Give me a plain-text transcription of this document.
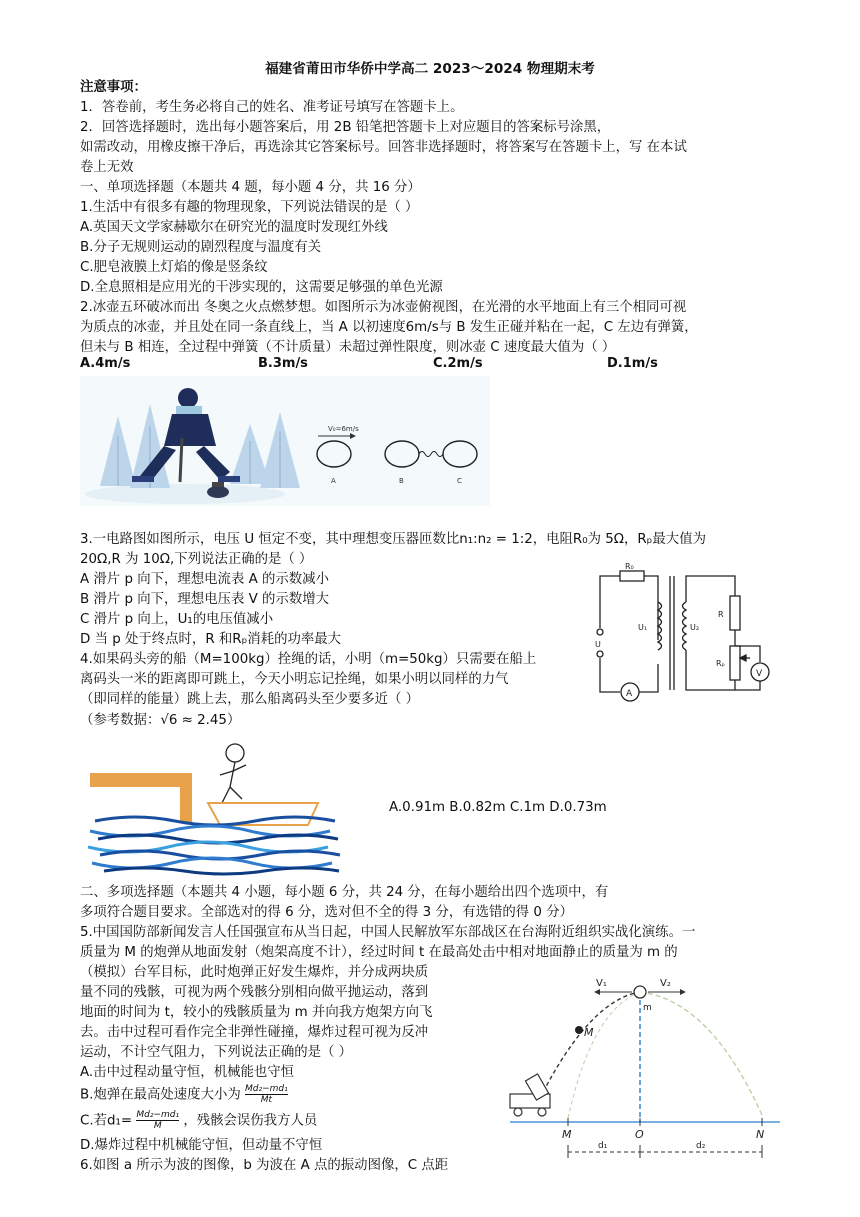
福建省莆田市华侨中学高二 2023～2024 物理期末考
注意事项：
1．答卷前，考生务必将自己的姓名、准考证号填写在答题卡上。
2．回答选择题时，选出每小题答案后，用 2B 铅笔把答题卡上对应题目的答案标号涂黑，
如需改动，用橡皮擦干净后，再选涂其它答案标号。回答非选择题时，将答案写在答题卡上，写 在本试
卷上无效
一、单项选择题（本题共 4 题，每小题 4 分，共 16 分）
1.生活中有很多有趣的物理现象，下列说法错误的是（ ）
A.英国天文学家赫歇尔在研究光的温度时发现红外线
B.分子无规则运动的剧烈程度与温度有关
C.肥皂液膜上灯焰的像是竖条纹
D.全息照相是应用光的干涉实现的，这需要足够强的单色光源
2.冰壶五环破冰而出 冬奥之火点燃梦想。如图所示为冰壶俯视图，在光滑的水平地面上有三个相同可视
为质点的冰壶，并且处在同一条直线上，当 A 以初速度6m/s与 B 发生正碰并粘在一起，C 左边有弹簧，
但未与 B 相连，全过程中弹簧（不计质量）未超过弹性限度，则冰壶 C 速度最大值为（ ）
A.4m/s	B.3m/s	C.2m/s	D.1m/s
V₀=6m/s
A	B	C
3.一电路图如图所示，电压 U 恒定不变，其中理想变压器匝数比n₁:n₂ = 1:2，电阻R₀为 5Ω，Rₚ最大值为
20Ω,R 为 10Ω,下列说法正确的是（ ）
A 滑片 p 向下，理想电流表 A 的示数减小
B 滑片 p 向下，理想电压表 V 的示数增大
C 滑片 p 向上，U₁的电压值减小
D 当 p 处于终点时，R 和Rₚ消耗的功率最大
R₀
U
U₁	U₂
R
Rₚ
V
A
4.如果码头旁的船（M=100kg）拴绳的话，小明（m=50kg）只需要在船上
离码头一米的距离即可跳上，今天小明忘记拴绳，如果小明以同样的力气
（即同样的能量）跳上去，那么船离码头至少要多近（ ）
（参考数据：√6 ≈ 2.45）
A.0.91m B.0.82m C.1m D.0.73m
二、多项选择题（本题共 4 小题，每小题 6 分，共 24 分，在每小题给出四个选项中，有
多项符合题目要求。全部选对的得 6 分，选对但不全的得 3 分，有选错的得 0 分）
5.中国国防部新闻发言人任国强宣布从当日起，中国人民解放军东部战区在台海附近组织实战化演练。一
质量为 M 的炮弹从地面发射（炮架高度不计），经过时间 t 在最高处击中相对地面静止的质量为 m 的
（模拟）台军目标，此时炮弹正好发生爆炸，并分成两块质
量不同的残骸，可视为两个残骸分别相向做平抛运动，落到
地面的时间为 t，较小的残骸质量为 m 并向我方炮架方向飞
去。击中过程可看作完全非弹性碰撞，爆炸过程可视为反冲
运动，不计空气阻力，下列说法正确的是（ ）
A.击中过程动量守恒，机械能也守恒
B.炮弹在最高处速度大小为 $\frac{\text{Md₂−md₁}}{Mt}$
C.若$d_1= \frac{\text{Md₂−md₁}}{M}$ ，残骸会误伤我方人员
D.爆炸过程中机械能守恒，但动量不守恒
V₁	V₂
m
M
M	O	N
d₁	d₂
6.如图 a 所示为波的图像，b 为波在 A 点的振动图像，C 点距
